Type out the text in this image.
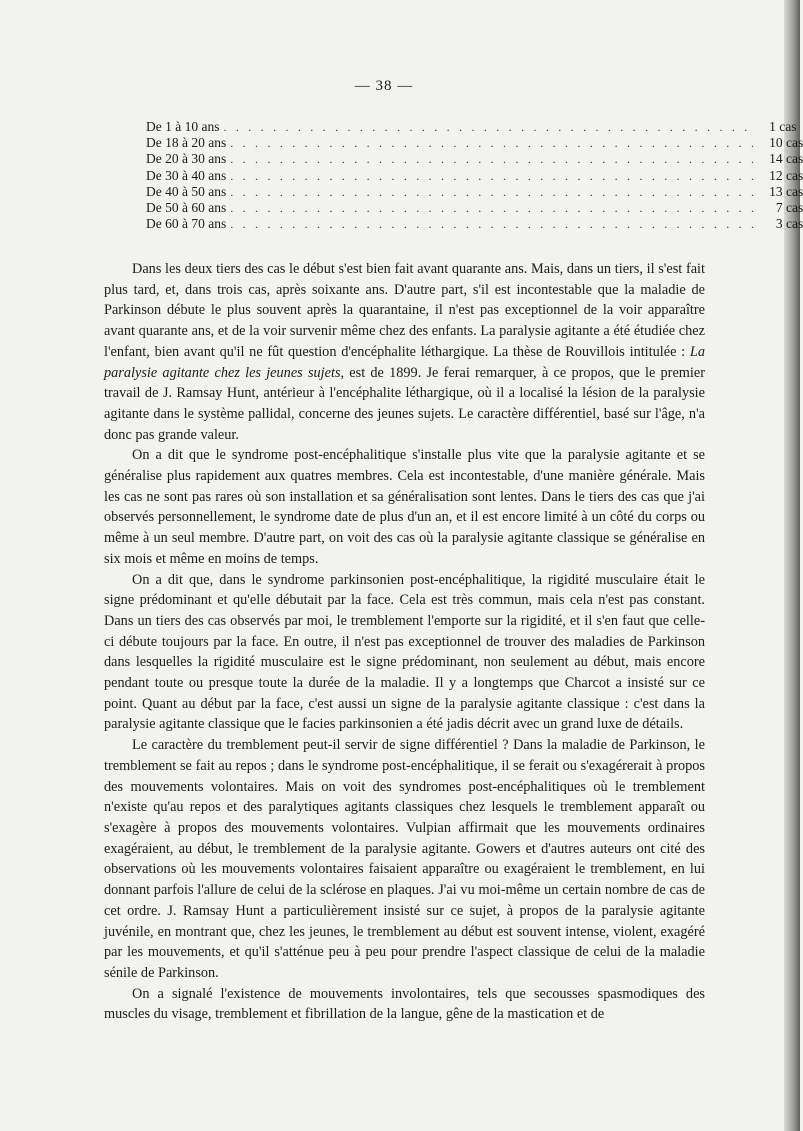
— 38 —
De 1 à 10 ans . . . . . . . . . . . . . . . . . . . . . . . . . . . . . . . . . . . . . . . . . . .	1 cas
De 18 à 20 ans . . . . . . . . . . . . . . . . . . . . . . . . . . . . . . . . . . . . . . . . . . . 10 cas
De 20 à 30 ans . . . . . . . . . . . . . . . . . . . . . . . . . . . . . . . . . . . . . . . . . . . 14 cas
De 30 à 40 ans . . . . . . . . . . . . . . . . . . . . . . . . . . . . . . . . . . . . . . . . . . . 12 cas
De 40 à 50 ans . . . . . . . . . . . . . . . . . . . . . . . . . . . . . . . . . . . . . . . . . . . 13 cas
De 50 à 60 ans . . . . . . . . . . . . . . . . . . . . . . . . . . . . . . . . . . . . . . . . . . .	7 cas
De 60 à 70 ans . . . . . . . . . . . . . . . . . . . . . . . . . . . . . . . . . . . . . . . . . . .	3 cas

Dans les deux tiers des cas le début s'est bien fait avant quarante ans. Mais, dans un tiers, il s'est fait plus tard, et, dans trois cas, après soixante ans. D'autre part, s'il est incontestable que la maladie de Parkinson débute le plus souvent après la quarantaine, il n'est pas exceptionnel de la voir apparaître avant quarante ans, et de la voir survenir même chez des enfants. La paralysie agitante a été étudiée chez l'enfant, bien avant qu'il ne fût question d'encéphalite léthargique. La thèse de Rouvillois intitulée : La paralysie agitante chez les jeunes sujets, est de 1899. Je ferai remarquer, à ce propos, que le premier travail de J. Ramsay Hunt, antérieur à l'encéphalite léthargique, où il a localisé la lésion de la paralysie agitante dans le système pallidal, concerne des jeunes sujets. Le caractère différentiel, basé sur l'âge, n'a donc pas grande valeur.

On a dit que le syndrome post-encéphalitique s'installe plus vite que la paralysie agitante et se généralise plus rapidement aux quatres membres. Cela est incontestable, d'une manière générale. Mais les cas ne sont pas rares où son installation et sa généralisation sont lentes. Dans le tiers des cas que j'ai observés personnellement, le syndrome date de plus d'un an, et il est encore limité à un côté du corps ou même à un seul membre. D'autre part, on voit des cas où la paralysie agitante classique se généralise en six mois et même en moins de temps.

On a dit que, dans le syndrome parkinsonien post-encéphalitique, la rigidité musculaire était le signe prédominant et qu'elle débutait par la face. Cela est très commun, mais cela n'est pas constant. Dans un tiers des cas observés par moi, le tremblement l'emporte sur la rigidité, et il s'en faut que celle-ci débute toujours par la face. En outre, il n'est pas exceptionnel de trouver des maladies de Parkinson dans lesquelles la rigidité musculaire est le signe prédominant, non seulement au début, mais encore pendant toute ou presque toute la durée de la maladie. Il y a longtemps que Charcot a insisté sur ce point. Quant au début par la face, c'est aussi un signe de la paralysie agitante classique : c'est dans la paralysie agitante classique que le facies parkinsonien a été jadis décrit avec un grand luxe de détails.

Le caractère du tremblement peut-il servir de signe différentiel ? Dans la maladie de Parkinson, le tremblement se fait au repos ; dans le syndrome post-encéphalitique, il se ferait ou s'exagérerait à propos des mouvements volontaires. Mais on voit des syndromes post-encéphalitiques où le tremblement n'existe qu'au repos et des paralytiques agitants classiques chez lesquels le tremblement apparaît ou s'exagère à propos des mouvements volontaires. Vulpian affirmait que les mouvements ordinaires exagéraient, au début, le tremblement de la paralysie agitante. Gowers et d'autres auteurs ont cité des observations où les mouvements volontaires faisaient apparaître ou exagéraient le tremblement, en lui donnant parfois l'allure de celui de la sclérose en plaques. J'ai vu moi-même un certain nombre de cas de cet ordre. J. Ramsay Hunt a particulièrement insisté sur ce sujet, à propos de la paralysie agitante juvénile, en montrant que, chez les jeunes, le tremblement au début est souvent intense, violent, exagéré par les mouvements, et qu'il s'atténue peu à peu pour prendre l'aspect classique de celui de la maladie sénile de Parkinson.

On a signalé l'existence de mouvements involontaires, tels que secousses spasmodiques des muscles du visage, tremblement et fibrillation de la langue, gêne de la mastication et de
